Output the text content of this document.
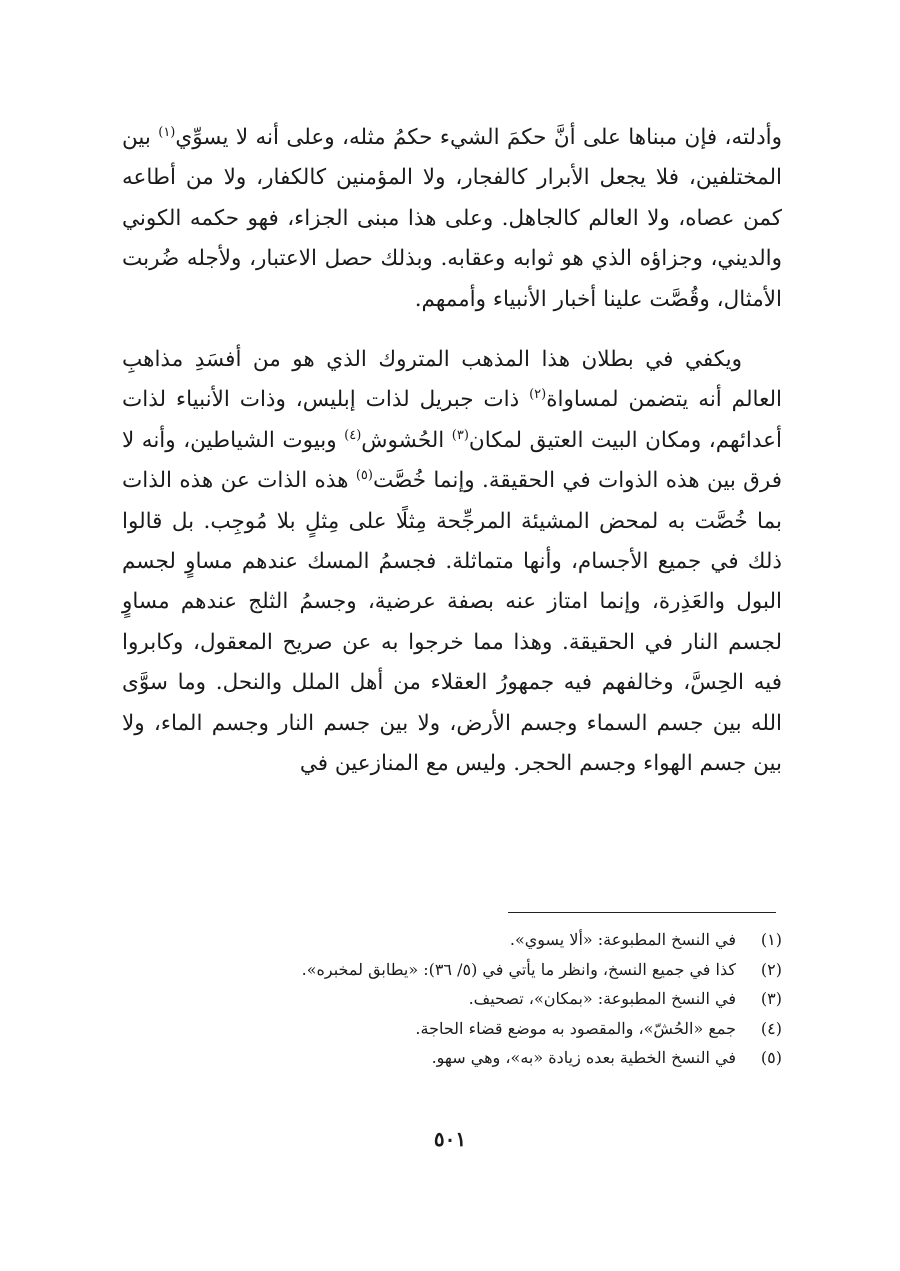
وأدلته، فإن مبناها على أنَّ حكمَ الشيء حكمُ مثله، وعلى أنه لا يسوِّي$^{(١)}$ بين المختلفين، فلا يجعل الأبرار كالفجار، ولا المؤمنين كالكفار، ولا من أطاعه كمن عصاه، ولا العالم كالجاهل. وعلى هذا مبنى الجزاء، فهو حكمه الكوني والديني، وجزاؤه الذي هو ثوابه وعقابه. وبذلك حصل الاعتبار، ولأجله ضُربت الأمثال، وقُصَّت علينا أخبار الأنبياء وأممهم.

ويكفي في بطلان هذا المذهب المتروك الذي هو من أفسَدِ مذاهبِ العالم أنه يتضمن لمساواة$^{(٢)}$ ذات جبريل لذات إبليس، وذات الأنبياء لذات أعدائهم، ومكان البيت العتيق لمكان$^{(٣)}$ الحُشوش$^{(٤)}$ وبيوت الشياطين، وأنه لا فرق بين هذه الذوات في الحقيقة. وإنما خُصَّت$^{(٥)}$ هذه الذات عن هذه الذات بما خُصَّت به لمحض المشيئة المرجِّحة مِثلًا على مِثلٍ بلا مُوجِب. بل قالوا ذلك في جميع الأجسام، وأنها متماثلة. فجسمُ المسك عندهم مساوٍ لجسم البول والعَذِرة، وإنما امتاز عنه بصفة عرضية، وجسمُ الثلج عندهم مساوٍ لجسم النار في الحقيقة. وهذا مما خرجوا به عن صريح المعقول، وكابروا فيه الحِسَّ، وخالفهم فيه جمهورُ العقلاء من أهل الملل والنحل. وما سوَّى الله بين جسم السماء وجسم الأرض، ولا بين جسم النار وجسم الماء، ولا بين جسم الهواء وجسم الحجر. وليس مع المنازعين في

(١)
في النسخ المطبوعة: «ألا يسوي».
(٢)
كذا في جميع النسخ، وانظر ما يأتي في (٥/ ٣٦): «يطابق لمخبره».
(٣)
في النسخ المطبوعة: «بمكان»، تصحيف.
(٤)
جمع «الحُشّ»، والمقصود به موضع قضاء الحاجة.
(٥)
في النسخ الخطية بعده زيادة «به»، وهي سهو.
٥٠١
